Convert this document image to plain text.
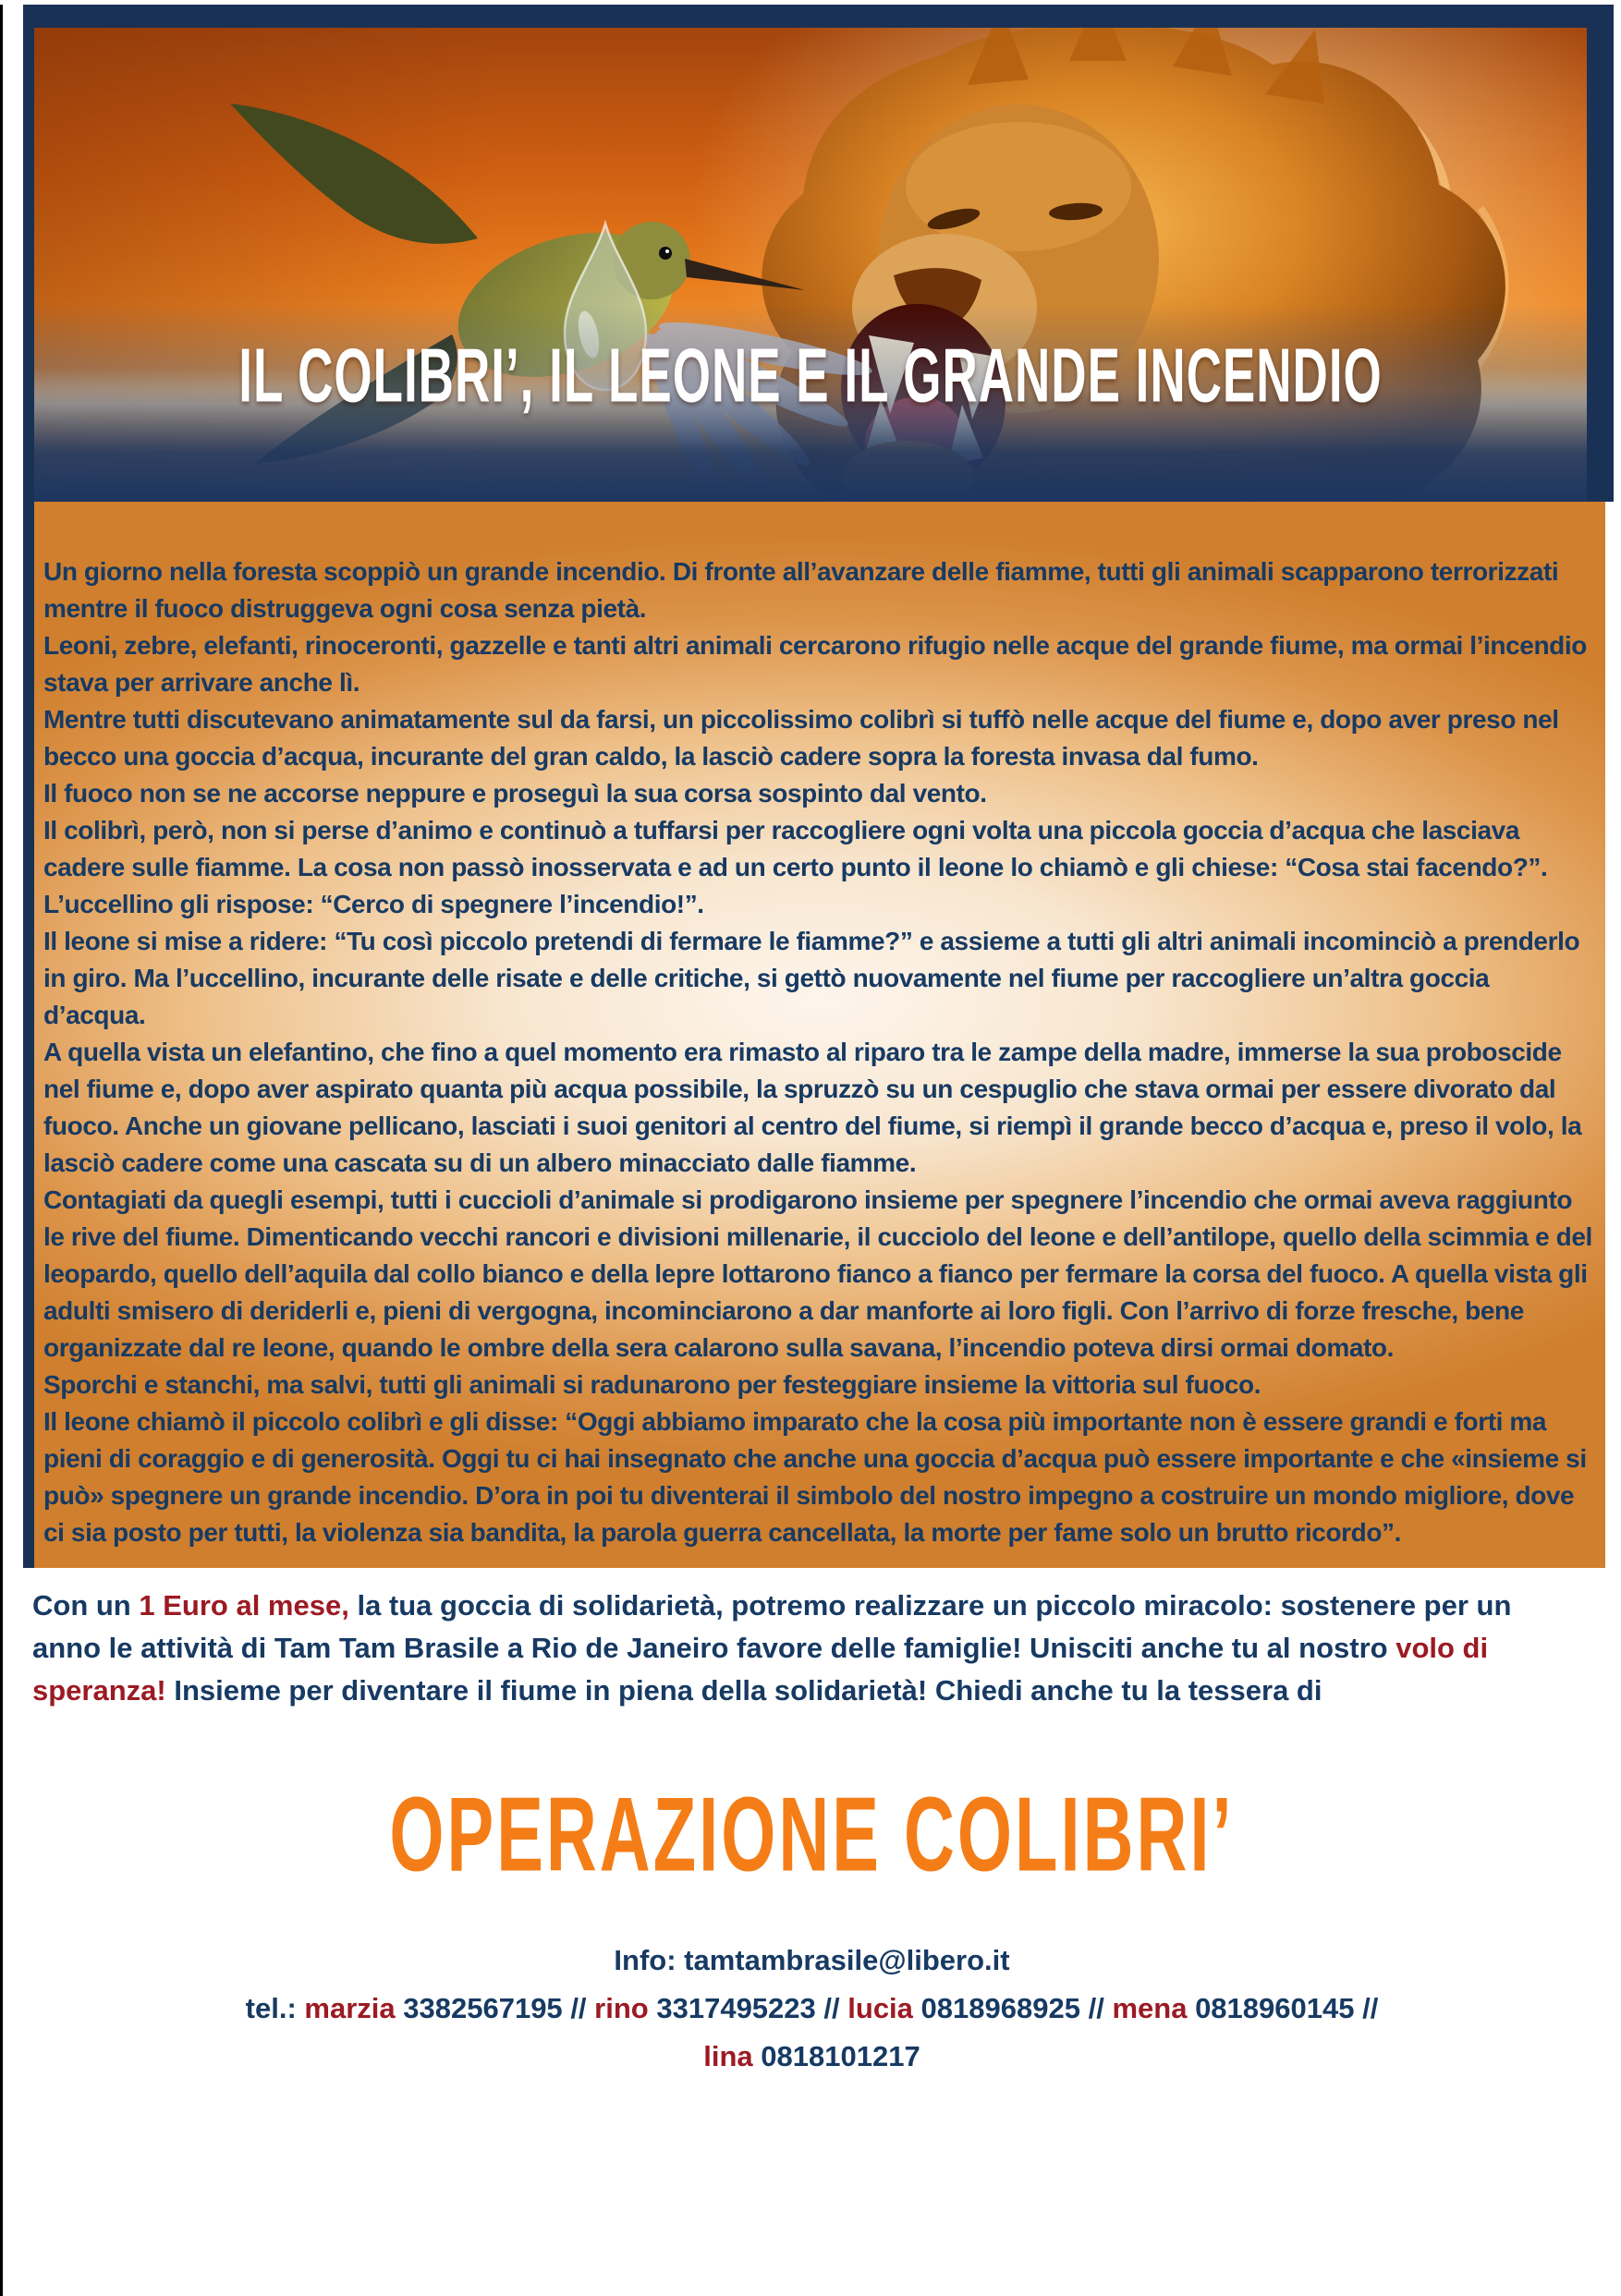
IL COLIBRI’, IL LEONE E IL GRANDE INCENDIO

Un giorno nella foresta scoppiò un grande incendio. Di fronte all’avanzare delle fiamme, tutti gli animali scapparono terrorizzati mentre il fuoco distruggeva ogni cosa senza pietà.

Leoni, zebre, elefanti, rinoceronti, gazzelle e tanti altri animali cercarono rifugio nelle acque del grande fiume, ma ormai l’incendio stava per arrivare anche lì.

Mentre tutti discutevano animatamente sul da farsi, un piccolissimo colibrì si tuffò nelle acque del fiume e, dopo aver preso nel becco una goccia d’acqua, incurante del gran caldo, la lasciò cadere sopra la foresta invasa dal fumo.

Il fuoco non se ne accorse neppure e proseguì la sua corsa sospinto dal vento.

Il colibrì, però, non si perse d’animo e continuò a tuffarsi per raccogliere ogni volta una piccola goccia d’acqua che lasciava cadere sulle fiamme. La cosa non passò inosservata e ad un certo punto il leone lo chiamò e gli chiese: “Cosa stai facendo?”. L’uccellino gli rispose: “Cerco di spegnere l’incendio!”.

Il leone si mise a ridere: “Tu così piccolo pretendi di fermare le fiamme?” e assieme a tutti gli altri animali incominciò a prenderlo in giro. Ma l’uccellino, incurante delle risate e delle critiche, si gettò nuovamente nel fiume per raccogliere un’altra goccia d’acqua.

A quella vista un elefantino, che fino a quel momento era rimasto al riparo tra le zampe della madre, immerse la sua proboscide nel fiume e, dopo aver aspirato quanta più acqua possibile, la spruzzò su un cespuglio che stava ormai per essere divorato dal fuoco. Anche un giovane pellicano, lasciati i suoi genitori al centro del fiume, si riempì il grande becco d’acqua e, preso il volo, la lasciò cadere come una cascata su di un albero minacciato dalle fiamme.

Contagiati da quegli esempi, tutti i cuccioli d’animale si prodigarono insieme per spegnere l’incendio che ormai aveva raggiunto le rive del fiume. Dimenticando vecchi rancori e divisioni millenarie, il cucciolo del leone e dell’antilope, quello della scimmia e del leopardo, quello dell’aquila dal collo bianco e della lepre lottarono fianco a fianco per fermare la corsa del fuoco. A quella vista gli adulti smisero di deriderli e, pieni di vergogna, incominciarono a dar manforte ai loro figli. Con l’arrivo di forze fresche, bene organizzate dal re leone, quando le ombre della sera calarono sulla savana, l’incendio poteva dirsi ormai domato.

Sporchi e stanchi, ma salvi, tutti gli animali si radunarono per festeggiare insieme la vittoria sul fuoco.

Il leone chiamò il piccolo colibrì e gli disse: “Oggi abbiamo imparato che la cosa più importante non è essere grandi e forti ma pieni di coraggio e di generosità. Oggi tu ci hai insegnato che anche una goccia d’acqua può essere importante e che «insieme si può» spegnere un grande incendio. D’ora in poi tu diventerai il simbolo del nostro impegno a costruire un mondo migliore, dove ci sia posto per tutti, la violenza sia bandita, la parola guerra cancellata, la morte per fame solo un brutto ricordo”.

Con un 1 Euro al mese, la tua goccia di solidarietà, potremo realizzare un piccolo miracolo: sostenere per un anno le attività di Tam Tam Brasile a Rio de Janeiro favore delle famiglie! Unisciti anche tu al nostro volo di speranza! Insieme per diventare il fiume in piena della solidarietà! Chiedi anche tu la tessera di
OPERAZIONE COLIBRI’
Info: tamtambrasile@libero.it
tel.: marzia 3382567195 // rino 3317495223 // lucia 0818968925 // mena 0818960145 //
lina 0818101217
